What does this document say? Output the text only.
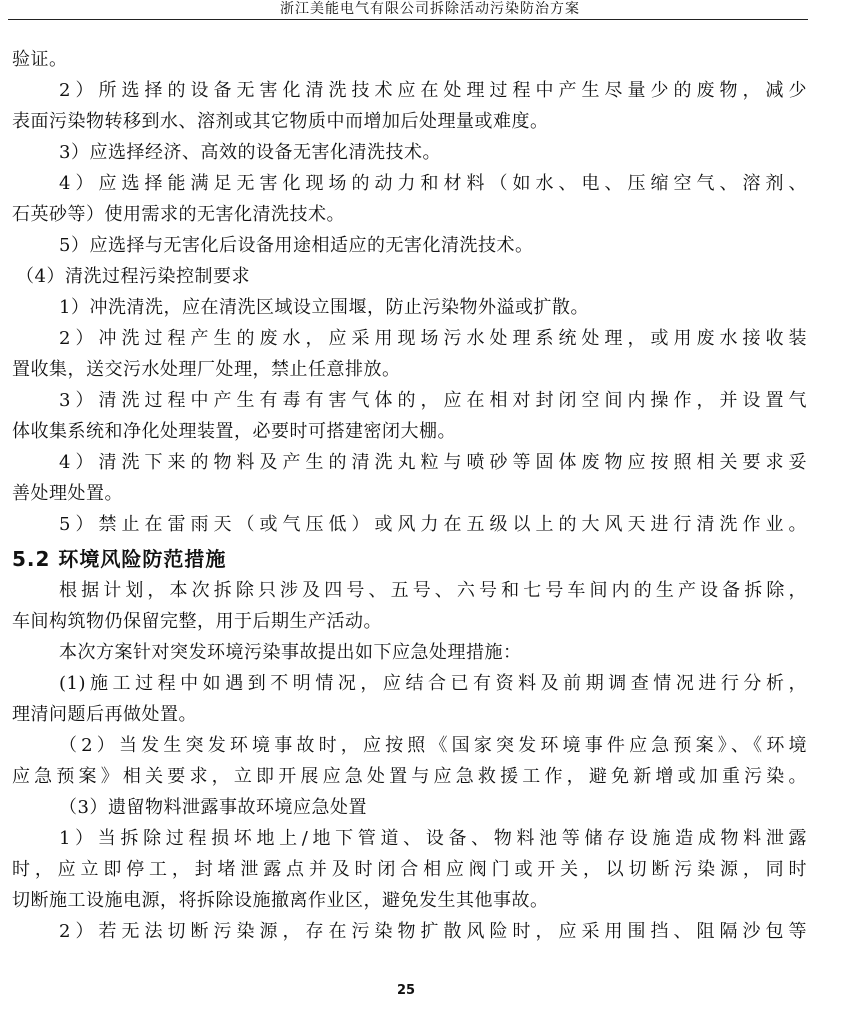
浙江美能电气有限公司拆除活动污染防治方案
验证。
2）所选择的设备无害化清洗技术应在处理过程中产生尽量少的废物，减少
表面污染物转移到水、溶剂或其它物质中而增加后处理量或难度。
3）应选择经济、高效的设备无害化清洗技术。
4）应选择能满足无害化现场的动力和材料（如水、电、压缩空气、溶剂、
石英砂等）使用需求的无害化清洗技术。
5）应选择与无害化后设备用途相适应的无害化清洗技术。
（4）清洗过程污染控制要求
1）冲洗清洗，应在清洗区域设立围堰，防止污染物外溢或扩散。
2）冲洗过程产生的废水，应采用现场污水处理系统处理，或用废水接收装
置收集，送交污水处理厂处理，禁止任意排放。
3）清洗过程中产生有毒有害气体的，应在相对封闭空间内操作，并设置气
体收集系统和净化处理装置，必要时可搭建密闭大棚。
4）清洗下来的物料及产生的清洗丸粒与喷砂等固体废物应按照相关要求妥
善处理处置。
5）禁止在雷雨天（或气压低）或风力在五级以上的大风天进行清洗作业。
5.2 环境风险防范措施
根据计划，本次拆除只涉及四号、五号、六号和七号车间内的生产设备拆除，
车间构筑物仍保留完整，用于后期生产活动。
本次方案针对突发环境污染事故提出如下应急处理措施：
(1)施工过程中如遇到不明情况，应结合已有资料及前期调查情况进行分析，
理清问题后再做处置。
（2）当发生突发环境事故时，应按照《国家突发环境事件应急预案》、《环境
应急预案》相关要求，立即开展应急处置与应急救援工作，避免新增或加重污染。
（3）遗留物料泄露事故环境应急处置
1）当拆除过程损坏地上/地下管道、设备、物料池等储存设施造成物料泄露
时，应立即停工，封堵泄露点并及时闭合相应阀门或开关，以切断污染源，同时
切断施工设施电源，将拆除设施撤离作业区，避免发生其他事故。
2）若无法切断污染源，存在污染物扩散风险时，应采用围挡、阻隔沙包等
25
